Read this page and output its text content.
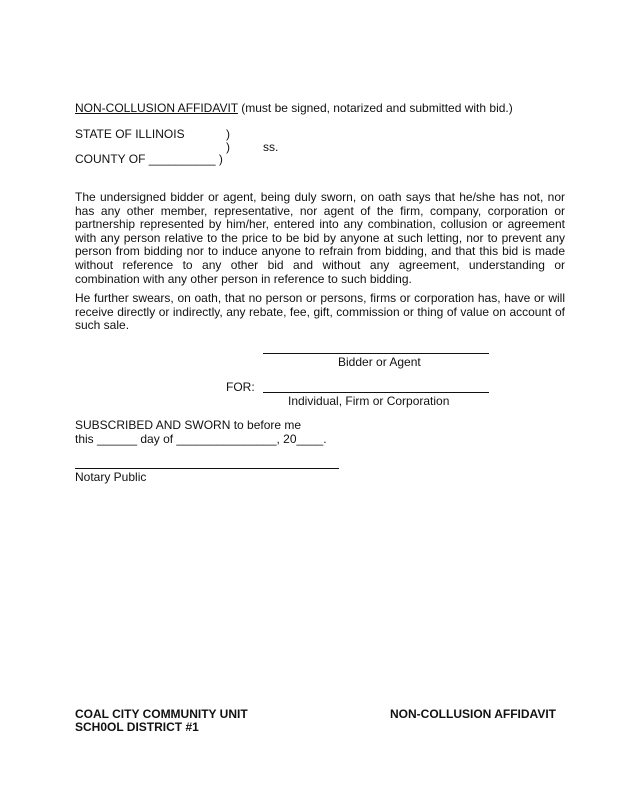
NON-COLLUSION AFFIDAVIT (must be signed, notarized and submitted with bid.)
STATE OF ILLINOIS	)
)	ss.
COUNTY OF __________ )
The undersigned bidder or agent, being duly sworn, on oath says that he/she has not, nor has any other member, representative, nor agent of the firm, company, corporation or partnership represented by him/her, entered into any combination, collusion or agreement with any person relative to the price to be bid by anyone at such letting, nor to prevent any person from bidding nor to induce anyone to refrain from bidding, and that this bid is made without reference to any other bid and without any agreement, understanding or combination with any other person in reference to such bidding.
He further swears, on oath, that no person or persons, firms or corporation has, have or will receive directly or indirectly, any rebate, fee, gift, commission or thing of value on account of such sale.
Bidder or Agent
FOR:
Individual, Firm or Corporation
SUBSCRIBED AND SWORN to before me
this ______ day of _______________, 20____.
Notary Public
COAL CITY COMMUNITY UNIT
SCH0OL DISTRICT #1
NON-COLLUSION AFFIDAVIT
